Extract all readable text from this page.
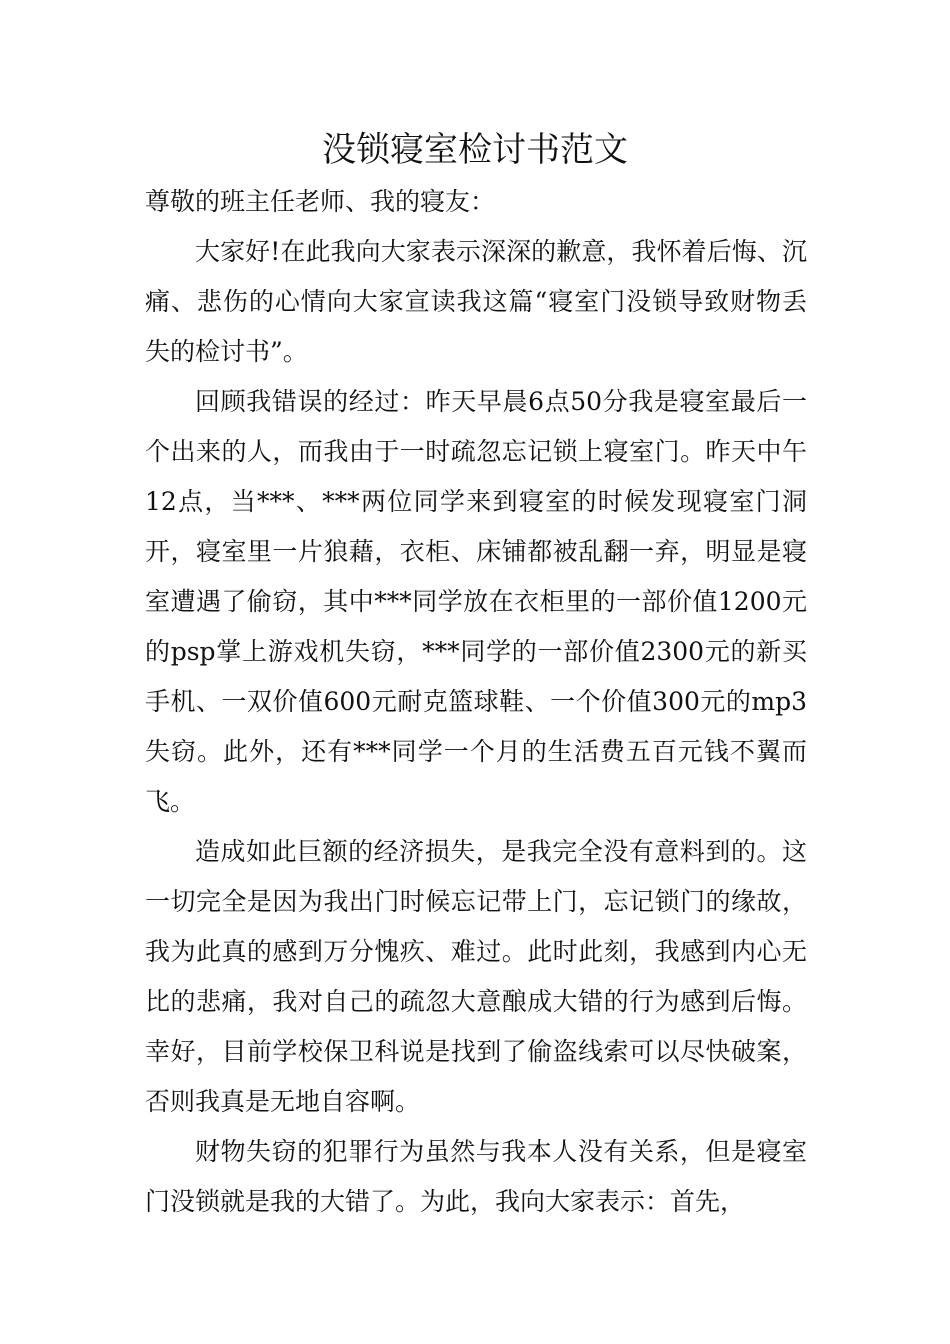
没锁寝室检讨书范文

尊敬的班主任老师、我的寝友：

大家好!在此我向大家表示深深的歉意，我怀着后悔、沉痛、悲伤的心情向大家宣读我这篇“寝室门没锁导致财物丢失的检讨书”。

回顾我错误的经过：昨天早晨6点50分我是寝室最后一个出来的人，而我由于一时疏忽忘记锁上寝室门。昨天中午12点，当***、***两位同学来到寝室的时候发现寝室门洞开，寝室里一片狼藉，衣柜、床铺都被乱翻一弃，明显是寝室遭遇了偷窃，其中***同学放在衣柜里的一部价值1200元的psp掌上游戏机失窃，***同学的一部价值2300元的新买手机、一双价值600元耐克篮球鞋、一个价值300元的mp3失窃。此外，还有***同学一个月的生活费五百元钱不翼而飞。

造成如此巨额的经济损失，是我完全没有意料到的。这一切完全是因为我出门时候忘记带上门，忘记锁门的缘故，我为此真的感到万分愧疚、难过。此时此刻，我感到内心无比的悲痛，我对自己的疏忽大意酿成大错的行为感到后悔。幸好，目前学校保卫科说是找到了偷盗线索可以尽快破案，否则我真是无地自容啊。

财物失窃的犯罪行为虽然与我本人没有关系，但是寝室门没锁就是我的大错了。为此，我向大家表示：首先，
